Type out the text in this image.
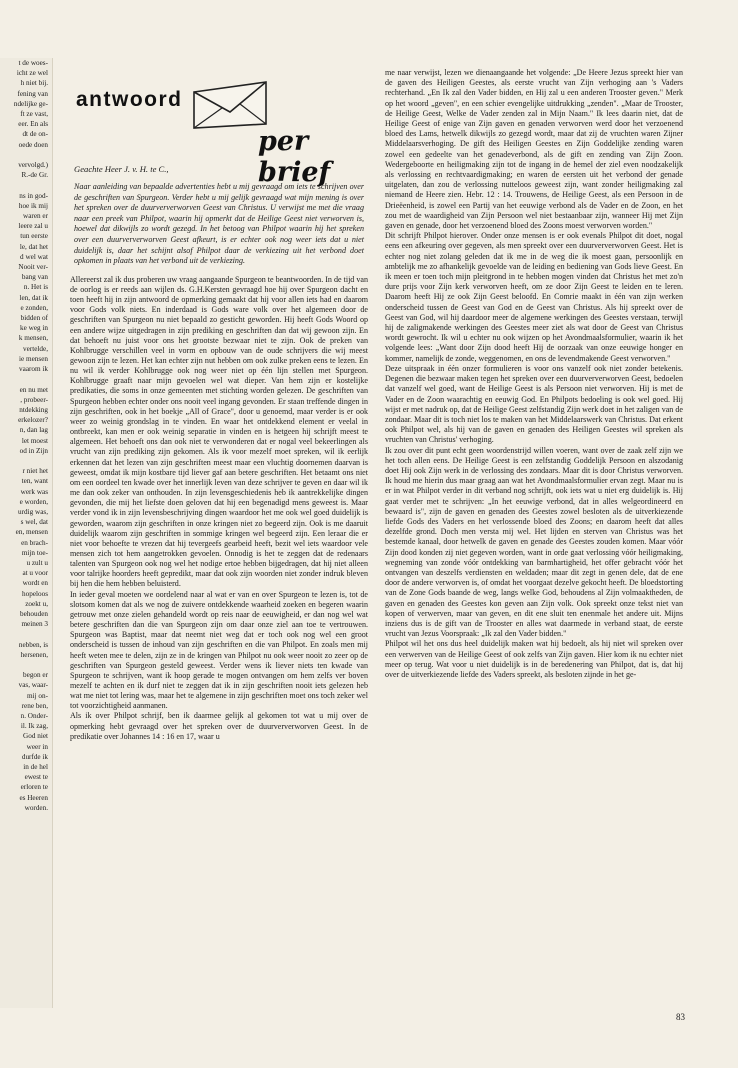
t de woes-

icht ze wel

h niet bij.

fening van

ndelijke ge-

ft ze vast,

eer. En als

dt de on-

oede doen

vervolgd.)

R.-de Gr.

ns in god-

hoe ik mij

waren er

leere zal u

tun eerste

le, dat het

d wel wat

Nooit ver-

bang van

n. Het is

len, dat ik

e zonden,

bidden of

ke weg in

k mensen,

vertelde,

ie mensen

vaarom ik

en nu met

, probeer-

ntdekking

erkelozer?

n, dan lag

let moest

od in Zijn

r niet het

ten, want

werk was

e worden,

urdig was,

s wel, dat

en, mensen

en brach-

mijn toe-

u zult u

at u voor

wordt en

hopeloos

zoekt u,

behouden

meinen 3

nebben, is

hersenen,

begon er

vas, waar-

mij on-

rene ben,

n. Onder-

il. Ik zag,

God niet

weer in

durfde ik

in de hel

ewest te

erloren te

es Heeren

worden.

antwoord
per brief

Geachte Heer J. v. H. te C.,

Naar aanleiding van bepaalde advertenties hebt u mij gevraagd om iets te schrijven over de geschriften van Spurgeon. Verder hebt u mij gelijk gevraagd wat mijn mening is over het spreken over de duurververworven Geest van Christus. U verwijst me met die vraag naar een preek van Philpot, waarin hij opmerkt dat de Heilige Geest niet verworven is, hoewel dat dikwijls zo wordt gezegd. In het betoog van Philpot waarin hij het spreken over een duurververworven Geest afkeurt, is er echter ook nog weer iets dat u niet duidelijk is, daar het schijnt alsof Philpot daar de verkiezing uit het verbond doet opkomen in plaats van het verbond uit de verkiezing.

Allereerst zal ik dus proberen uw vraag aangaande Spurgeon te beantwoorden. In de tijd van de oorlog is er reeds aan wijlen ds. G.H.Kersten gevraagd hoe hij over Spurgeon dacht en toen heeft hij in zijn antwoord de opmerking gemaakt dat hij voor allen iets had en daarom voor Gods volk niets. En inderdaad is Gods ware volk over het algemeen door de geschriften van Spurgeon nu niet bepaald zo gesticht geworden. Hij heeft Gods Woord op een andere wijze uitgedragen in zijn prediking en geschriften dan dat wij gewoon zijn. En dat behoeft nu juist voor ons het grootste bezwaar niet te zijn. Ook de preken van Kohlbrugge verschillen veel in vorm en opbouw van de oude schrijvers die wij meest gewoon zijn te lezen. Het kan echter zijn nut hebben om ook zulke preken eens te lezen. En nu wil ik verder Kohlbrugge ook nog weer niet op één lijn stellen met Spurgeon. Kohlbrugge graaft naar mijn gevoelen wel wat dieper. Van hem zijn er kostelijke predikaties, die soms in onze gemeenten met stichting worden gelezen. De geschriften van Spurgeon hebben echter onder ons nooit veel ingang gevonden. Er staan treffende dingen in zijn geschriften, ook in het boekje „All of Grace", door u genoemd, maar verder is er ook weer zo weinig grondslag in te vinden. En waar het ontdekkend element er veelal in ontbreekt, kan men er ook weinig separatie in vinden en is hetgeen hij schrijft meest te algemeen. Het behoeft ons dan ook niet te verwonderen dat er nogal veel bekeerlingen als vrucht van zijn prediking zijn gekomen. Als ik voor mezelf moet spreken, wil ik eerlijk erkennen dat het lezen van zijn geschriften meest maar een vluchtig doornemen daarvan is geweest, omdat ik mijn kostbare tijd liever gaf aan betere geschriften. Het betaamt ons niet om een oordeel ten kwade over het innerlijk leven van deze schrijver te geven en daar wil ik me dan ook zeker van onthouden. In zijn levensgeschiedenis heb ik aantrekkelijke dingen gevonden, die mij het liefste doen geloven dat hij een begenadigd mens geweest is. Maar verder vond ik in zijn levensbeschrijving dingen waardoor het me ook wel goed duidelijk is geworden, waarom zijn geschriften in onze kringen niet zo begeerd zijn. Ook is me daaruit duidelijk waarom zijn geschriften in sommige kringen wel begeerd zijn. Een leraar die er niet voor behoefte te vrezen dat hij tevergeefs gearbeid heeft, bezit wel iets waardoor vele mensen zich tot hem aangetrokken gevoelen. Onnodig is het te zeggen dat de redenaars talenten van Spurgeon ook nog wel het nodige ertoe hebben bijgedragen, dat hij niet alleen voor talrijke hoorders heeft gepredikt, maar dat ook zijn woorden niet zonder indruk bleven bij hen die hem hebben beluisterd.

In ieder geval moeten we oordelend naar al wat er van en over Spurgeon te lezen is, tot de slotsom komen dat als we nog de zuivere ontdekkende waarheid zoeken en begeren waarin getrouw met onze zielen gehandeld wordt op reis naar de eeuwigheid, er dan nog wel wat betere geschriften dan die van Spurgeon zijn om daar onze ziel aan toe te vertrouwen. Spurgeon was Baptist, maar dat neemt niet weg dat er toch ook nog wel een groot onderscheid is tussen de inhoud van zijn geschriften en die van Philpot. En zoals men mij heeft weten mee te delen, zijn ze in de kringen van Philpot nu ook weer nooit zo zeer op de geschriften van Spurgeon gesteld geweest. Verder wens ik liever niets ten kwade van Spurgeon te schrijven, want ik hoop gerade te mogen ontvangen om hem zelfs ver boven mezelf te achten en ik durf niet te zeggen dat ik in zijn geschriften nooit iets gelezen heb wat me niet tot lering was, maar het te algemene in zijn geschriften moet ons toch zeker wel tot voorzichtigheid aanmanen.

Als ik over Philpot schrijf, ben ik daarmee gelijk al gekomen tot wat u mij over de opmerking hebt gevraagd over het spreken over de duurververworven Geest. In de predikatie over Johannes 14 : 16 en 17, waar u

me naar verwijst, lezen we dienaangaande het volgende: „De Heere Jezus spreekt hier van de gaven des Heiligen Geestes, als eerste vrucht van Zijn verhoging aan 's Vaders rechterhand. „En Ik zal den Vader bidden, en Hij zal u een anderen Trooster geven." Merk op het woord „geven", en een schier evengelijke uitdrukking „zenden". „Maar de Trooster, de Heilige Geest, Welke de Vader zenden zal in Mijn Naam." Ik lees daarin niet, dat de Heilige Geest of enige van Zijn gaven en genaden verworven werd door het verzoenend bloed des Lams, hetwelk dikwijls zo gezegd wordt, maar dat zij de vruchten waren Zijner Middelaarsverhoging. De gift des Heiligen Geestes en Zijn Goddelijke zending waren zowel een gedeelte van het genadeverbond, als de gift en zending van Zijn Zoon. Wedergeboorte en heiligmaking zijn tot de ingang in de hemel der ziel even noodzakelijk als verlossing en rechtvaardigmaking; en waren de eersten uit het verbond der genade uitgelaten, dan zou de verlossing nutteloos geweest zijn, want zonder heiligmaking zal niemand de Heere zien. Hebr. 12 : 14. Trouwens, de Heilige Geest, als een Persoon in de Drieëenheid, is zowel een Partij van het eeuwige verbond als de Vader en de Zoon, en het zou met de waardigheid van Zijn Persoon wel niet bestaanbaar zijn, wanneer Hij met Zijn gaven en genade, door het verzoenend bloed des Zoons moest verworven worden."

Dit schrijft Philpot hierover. Onder onze mensen is er ook evenals Philpot dit doet, nogal eens een afkeuring over gegeven, als men spreekt over een duurververworven Geest. Het is echter nog niet zolang geleden dat ik me in de weg die ik moest gaan, persoonlijk en ambtelijk me zo afhankelijk gevoelde van de leiding en bediening van Gods lieve Geest. En ik meen er toen toch mijn pleitgrond in te hebben mogen vinden dat Christus het met zo'n dure prijs voor Zijn kerk verworven heeft, om ze door Zijn Geest te leiden en te leren. Daarom heeft Hij ze ook Zijn Geest beloofd. En Comrie maakt in één van zijn werken onderscheid tussen de Geest van God en de Geest van Christus. Als hij spreekt over de Geest van God, wil hij daardoor meer de algemene werkingen des Geestes verstaan, terwijl hij de zaligmakende werkingen des Geestes meer ziet als wat door de Geest van Christus wordt gewrocht. Ik wil u echter nu ook wijzen op het Avondmaalsformulier, waarin ik het volgende lees: „Want door Zijn dood heeft Hij de oorzaak van onze eeuwige honger en kommer, namelijk de zonde, weggenomen, en ons de levendmakende Geest verworven."

Deze uitspraak in één onzer formulieren is voor ons vanzelf ook niet zonder betekenis. Degenen die bezwaar maken tegen het spreken over een duurververworven Geest, bedoelen dat vanzelf wel goed, want de Heilige Geest is als Persoon niet verworven. Hij is met de Vader en de Zoon waarachtig en eeuwig God. En Philpots bedoeling is ook wel goed. Hij wijst er met nadruk op, dat de Heilige Geest zelfstandig Zijn werk doet in het zaligen van de zondaar. Maar dit is toch niet los te maken van het Middelaarswerk van Christus. Dat erkent ook Philpot wel, als hij van de gaven en genaden des Heiligen Geestes wil spreken als vruchten van Christus' verhoging.

Ik zou over dit punt echt geen woordenstrijd willen voeren, want over de zaak zelf zijn we het toch allen eens. De Heilige Geest is een zelfstandig Goddelijk Persoon en alszodanig doet Hij ook Zijn werk in de verlossing des zondaars. Maar dit is door Christus verworven. Ik houd me hierin dus maar graag aan wat het Avondmaalsformulier ervan zegt. Maar nu is er in wat Philpot verder in dit verband nog schrijft, ook iets wat u niet erg duidelijk is. Hij gaat verder met te schrijven: „In het eeuwige verbond, dat in alles welgeordineerd en bewaard is", zijn de gaven en genaden des Geestes zowel besloten als de uitverkiezende liefde Gods des Vaders en het verlossende bloed des Zoons; en daarom heeft dat alles dezelfde grond. Doch men versta mij wel. Het lijden en sterven van Christus was het bestemde kanaal, door hetwelk de gaven en genade des Geestes zouden komen. Maar vóór Zijn dood konden zij niet gegeven worden, want in orde gaat verlossing vóór heiligmaking, wegneming van zonde vóór ontdekking van barmhartigheid, het offer gebracht vóór het ontvangen van deszelfs verdiensten en weldaden; maar dit zegt in genen dele, dat de ene door de andere verworven is, of omdat het voorgaat dezelve gekocht heeft. De bloedstorting van de Zone Gods baande de weg, langs welke God, behoudens al Zijn volmaaktheden, de gaven en genaden des Geestes kon geven aan Zijn volk. Ook spreekt onze tekst niet van kopen of verwerven, maar van geven, en dit ene sluit ten enenmale het andere uit. Mijns inziens dus is de gift van de Trooster en alles wat daarmede in verband staat, de eerste vrucht van Jezus Voorspraak: „Ik zal den Vader bidden."

Philpot wil het ons dus heel duidelijk maken wat hij bedoelt, als hij niet wil spreken over een verwerven van de Heilige Geest of ook zelfs van Zijn gaven. Hier kom ik nu echter niet meer op terug. Wat voor u niet duidelijk is in de beredenering van Philpot, dat is, dat hij over de uitverkiezende liefde des Vaders spreekt, als besloten zijnde in het ge-

83
